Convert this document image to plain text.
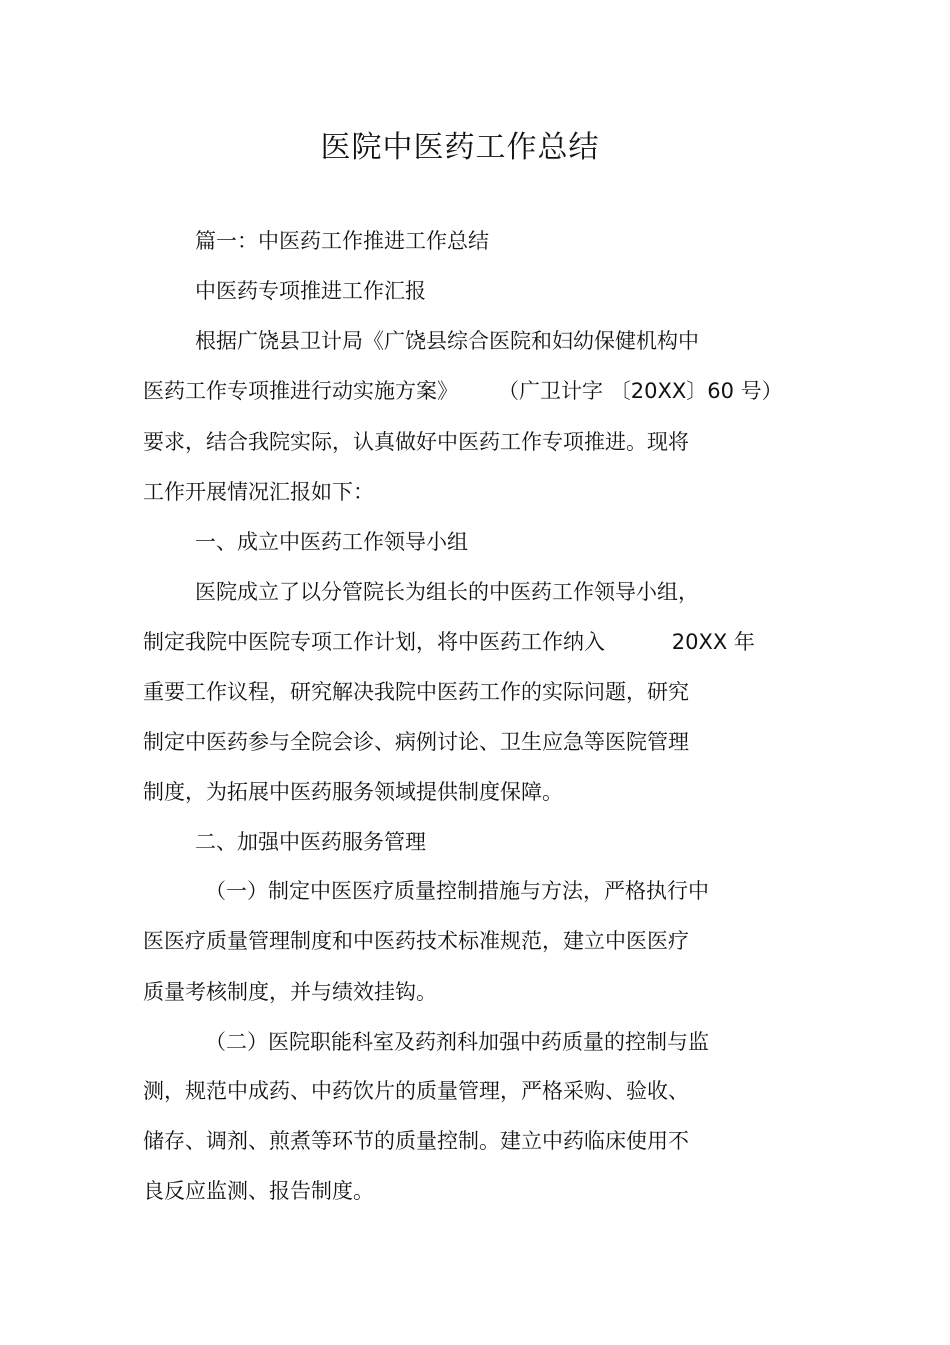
医院中医药工作总结
篇一：中医药工作推进工作总结
中医药专项推进工作汇报
根据广饶县卫计局《广饶县综合医院和妇幼保健机构中
医药工作专项推进行动实施方案》      （广卫计字 〔20XX〕60 号）
要求，结合我院实际，认真做好中医药工作专项推进。现将
工作开展情况汇报如下：
一、成立中医药工作领导小组
医院成立了以分管院长为组长的中医药工作领导小组，
制定我院中医院专项工作计划，将中医药工作纳入          20XX 年
重要工作议程，研究解决我院中医药工作的实际问题，研究
制定中医药参与全院会诊、病例讨论、卫生应急等医院管理
制度，为拓展中医药服务领域提供制度保障。
二、加强中医药服务管理
（一）制定中医医疗质量控制措施与方法，严格执行中
医医疗质量管理制度和中医药技术标准规范，建立中医医疗
质量考核制度，并与绩效挂钩。
（二）医院职能科室及药剂科加强中药质量的控制与监
测，规范中成药、中药饮片的质量管理，严格采购、验收、
储存、调剂、煎煮等环节的质量控制。建立中药临床使用不
良反应监测、报告制度。
